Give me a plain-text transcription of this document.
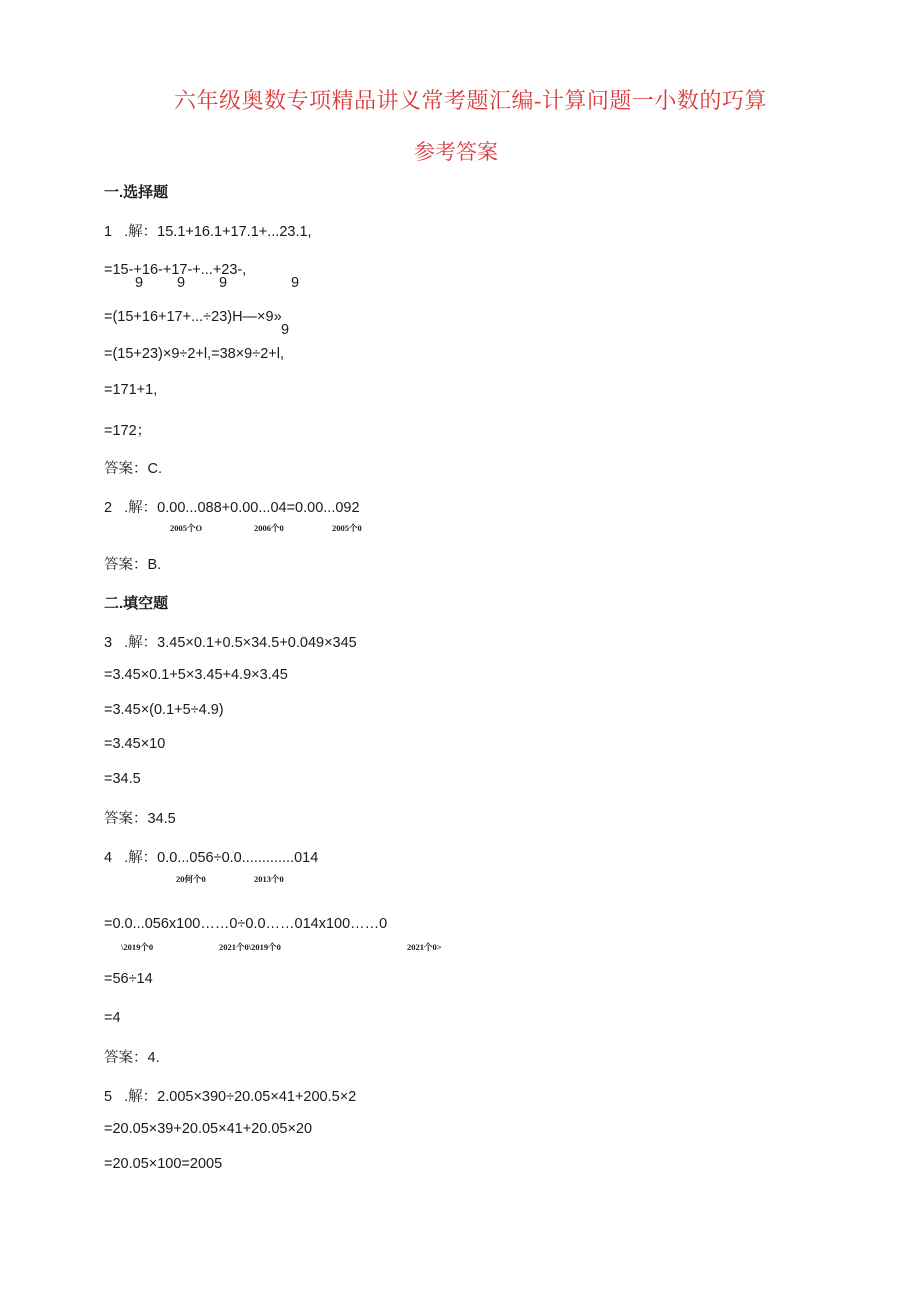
六年级奥数专项精品讲义常考题汇编-计算问题一小数的巧算
参考答案
一.选择题
1   .解：15.1+16.1+17.1+...23.1,
=15-+16-+17-+...+23-,
9 9 9	9
=(15+16+17+...÷23)H—×9»
9
=(15+23)×9÷2+l,=38×9÷2+l,
=171+1,
=172；
答案：C.
2   .解：0.00...088+0.00...04=0.00...092
2005个O	2006个0	2005个0
答案：B.
二.填空题
3   .解：3.45×0.1+0.5×34.5+0.049×345
=3.45×0.1+5×3.45+4.9×3.45
=3.45×(0.1+5÷4.9)
=3.45×10
=34.5
答案：34.5
4   .解：0.0...056÷0.0.............014
20何个0	2013个0
=0.0...056x100……0÷0.0……014x100……0
\2019个0	2021个0\2019个0	2021个0>
=56÷14
=4
答案：4.
5   .解：2.005×390÷20.05×41+200.5×2
=20.05×39+20.05×41+20.05×20
=20.05×100=2005
